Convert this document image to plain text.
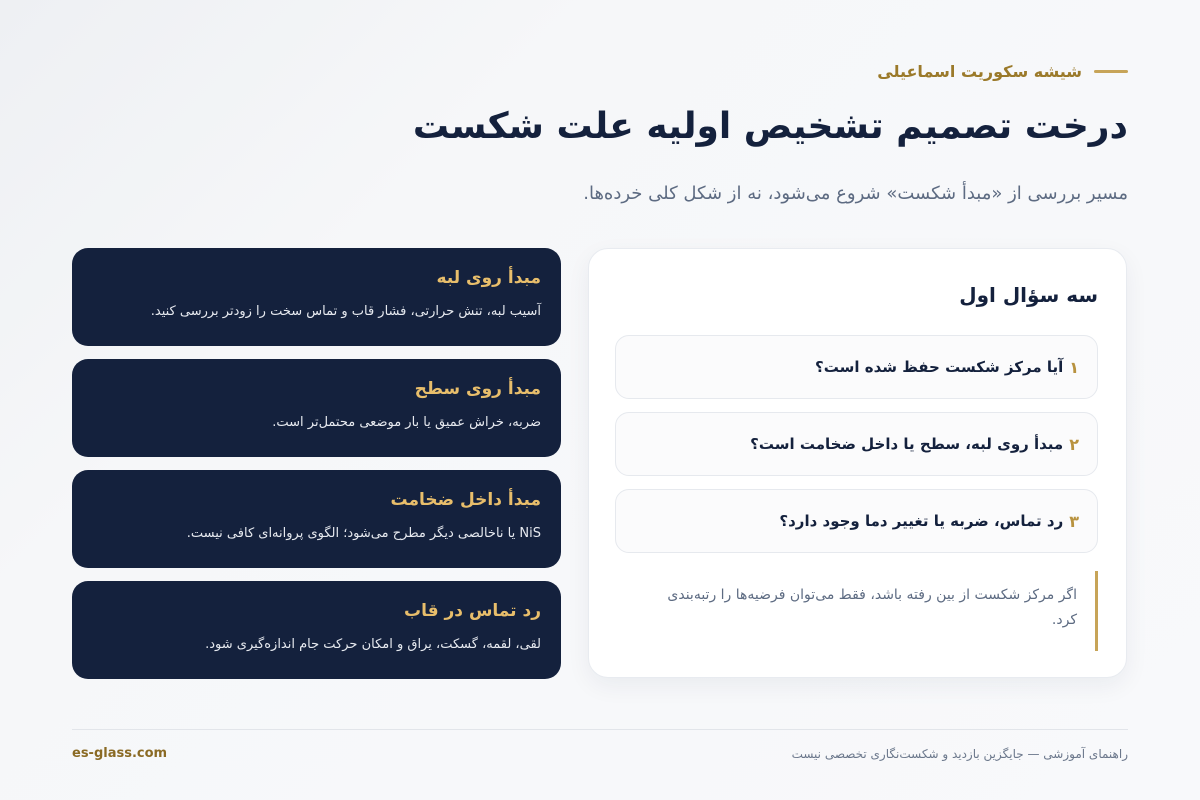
شیشه سکوریت اسماعیلی
درخت تصمیم تشخیص اولیه علت شکست

مسیر بررسی از «مبدأ شکست» شروع می‌شود، نه از شکل کلی خرده‌ها.

مبدأ روی لبه
آسیب لبه، تنش حرارتی، فشار قاب و تماس سخت را زودتر بررسی کنید.
مبدأ روی سطح
ضربه، خراش عمیق یا بار موضعی محتمل‌تر است.
مبدأ داخل ضخامت
NiS یا ناخالصی دیگر مطرح می‌شود؛ الگوی پروانه‌ای کافی نیست.
رد تماس در قاب
لقی، لقمه، گسکت، یراق و امکان حرکت جام اندازه‌گیری شود.
سه سؤال اول
۱
آیا مرکز شکست حفظ شده است؟
۲
مبدأ روی لبه، سطح یا داخل ضخامت است؟
۳
رد تماس، ضربه یا تغییر دما وجود دارد؟
اگر مرکز شکست از بین رفته باشد، فقط می‌توان فرضیه‌ها را رتبه‌بندی کرد.
es-glass.com	راهنمای آموزشی — جایگزین بازدید و شکست‌نگاری تخصصی نیست
